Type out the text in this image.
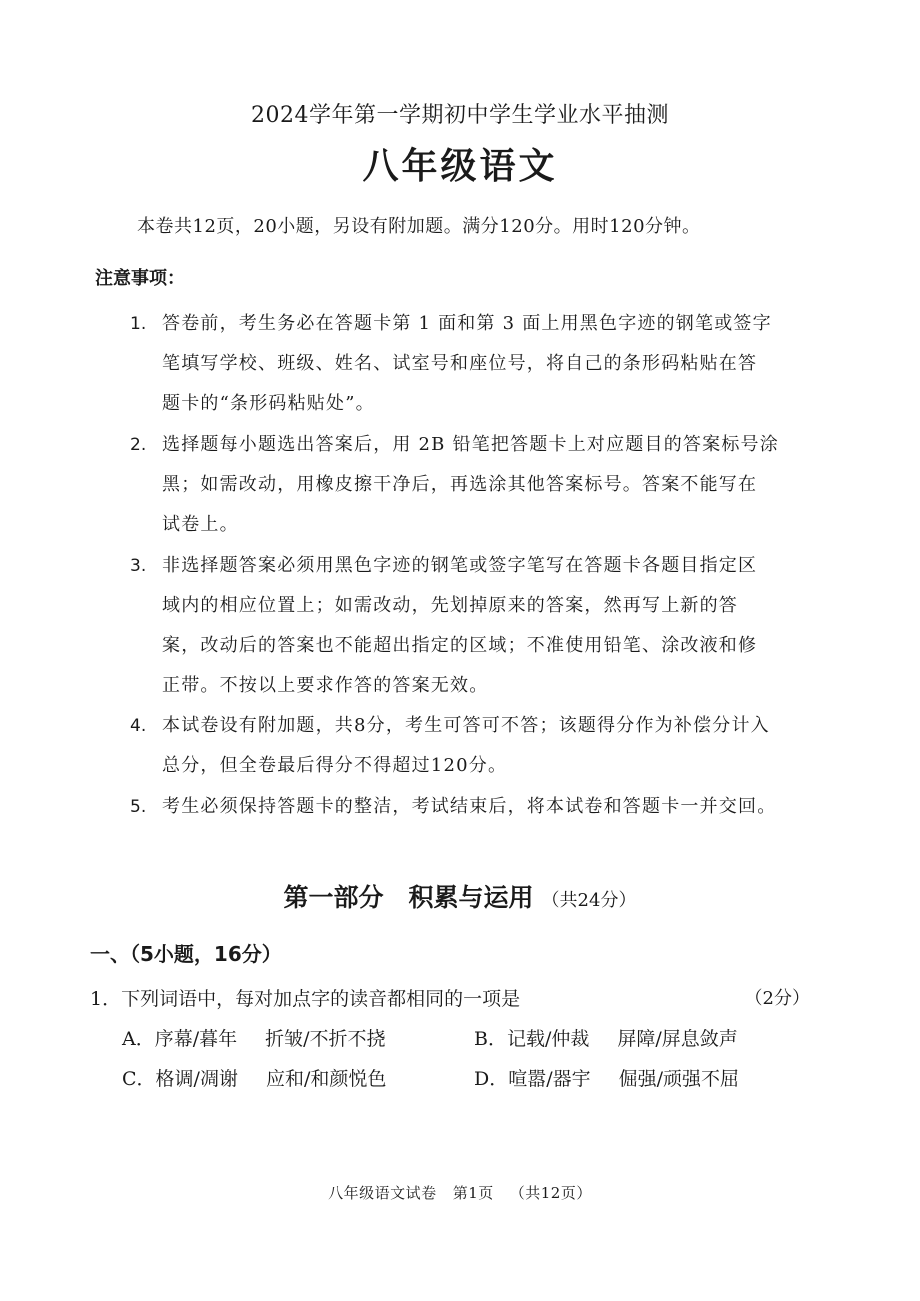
2024学年第一学期初中学生学业水平抽测
八年级语文
本卷共12页，20小题，另设有附加题。满分120分。用时120分钟。
注意事项：
1. 答卷前，考生务必在答题卡第 1 面和第 3 面上用黑色字迹的钢笔或签字
笔填写学校、班级、姓名、试室号和座位号，将自己的条形码粘贴在答
题卡的“条形码粘贴处”。
2. 选择题每小题选出答案后，用 2B 铅笔把答题卡上对应题目的答案标号涂
黑；如需改动，用橡皮擦干净后，再选涂其他答案标号。答案不能写在
试卷上。
3. 非选择题答案必须用黑色字迹的钢笔或签字笔写在答题卡各题目指定区
域内的相应位置上；如需改动，先划掉原来的答案，然再写上新的答
案，改动后的答案也不能超出指定的区域；不准使用铅笔、涂改液和修
正带。不按以上要求作答的答案无效。
4. 本试卷设有附加题，共8分，考生可答可不答；该题得分作为补偿分计入
总分，但全卷最后得分不得超过120分。
5. 考生必须保持答题卡的整洁，考试结束后，将本试卷和答题卡一并交回。
第一部分　积累与运用 （共24分）
一、（5小题，16分）
1．下列词语中，每对加点字的读音都相同的一项是	（2分）
A．序幕/暮年 折皱/不折不挠	B．记载/仲裁 屏障/屏息敛声
C．格调/凋谢 应和/和颜悦色	D．喧嚣/器宇 倔强/顽强不屈
八年级语文试卷 第1页 （共12页）
